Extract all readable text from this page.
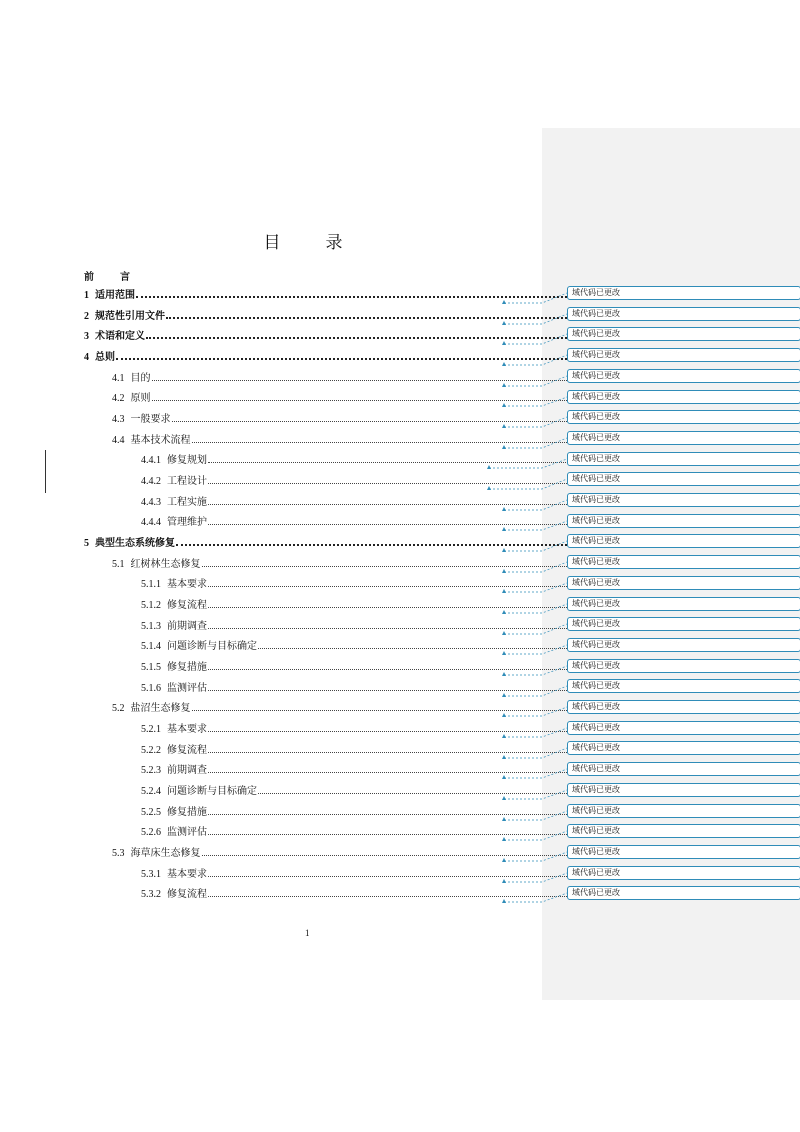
目　录
前　言
1 适用范围
2 规范性引用文件
3 术语和定义
4 总则
4.1 目的
4.2 原则
4.3 一般要求
4.4 基本技术流程
4.4.1 修复规划
4.4.2 工程设计
4.4.3 工程实施
4.4.4 管理维护
5 典型生态系统修复
5.1 红树林生态修复
5.1.1 基本要求
5.1.2 修复流程
5.1.3 前期调查
5.1.4 问题诊断与目标确定
5.1.5 修复措施
5.1.6 监测评估
5.2 盐沼生态修复
5.2.1 基本要求
5.2.2 修复流程
5.2.3 前期调查
5.2.4 问题诊断与目标确定
5.2.5 修复措施
5.2.6 监测评估
5.3 海草床生态修复
5.3.1 基本要求
5.3.2 修复流程
域代码已更改
域代码已更改
域代码已更改
域代码已更改
域代码已更改
域代码已更改
域代码已更改
域代码已更改
域代码已更改
域代码已更改
域代码已更改
域代码已更改
域代码已更改
域代码已更改
域代码已更改
域代码已更改
域代码已更改
域代码已更改
域代码已更改
域代码已更改
域代码已更改
域代码已更改
域代码已更改
域代码已更改
域代码已更改
域代码已更改
域代码已更改
域代码已更改
域代码已更改
域代码已更改
1
